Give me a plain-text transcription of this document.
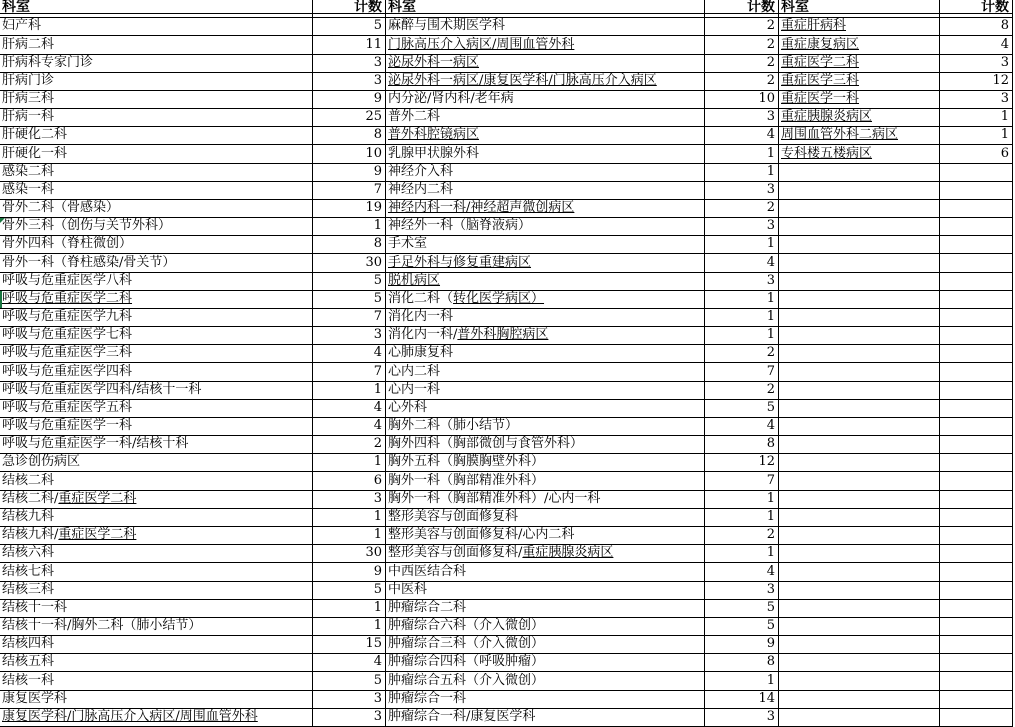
科室	计数 科室	计数 科室	计数
妇产科	5 麻醉与围术期医学科	2 重症肝病科	8
肝病二科	11 门脉高压介入病区/周围血管外科	2 重症康复病区	4
肝病科专家门诊	3 泌尿外科一病区	2 重症医学二科	3
肝病门诊	3 泌尿外科一病区/康复医学科/门脉高压介入病区	2 重症医学三科	12
肝病三科	9 内分泌/肾内科/老年病	10 重症医学一科	3
肝病一科	25 普外二科	3 重症胰腺炎病区	1
肝硬化二科	8 普外科腔镜病区	4 周围血管外科二病区	1
肝硬化一科	10 乳腺甲状腺外科	1 专科楼五楼病区	6
感染二科	9 神经介入科	1
感染一科	7 神经内二科	3
骨外二科（骨感染）	19 神经内科一科/神经超声微创病区	2
骨外三科（创伤与关节外科）	1 神经外一科（脑脊液病）	3
骨外四科（脊柱微创）	8 手术室	1
骨外一科（脊柱感染/骨关节）	30 手足外科与修复重建病区	4
呼吸与危重症医学八科	5 脱机病区	3
呼吸与危重症医学二科	5 消化二科（转化医学病区）	1
呼吸与危重症医学九科	7 消化内一科	1
呼吸与危重症医学七科	3 消化内一科/普外科胸腔病区	1
呼吸与危重症医学三科	4 心肺康复科	2
呼吸与危重症医学四科	7 心内二科	7
呼吸与危重症医学四科/结核十一科	1 心内一科	2
呼吸与危重症医学五科	4 心外科	5
呼吸与危重症医学一科	4 胸外二科（肺小结节）	4
呼吸与危重症医学一科/结核十科	2 胸外四科（胸部微创与食管外科）	8
急诊创伤病区	1 胸外五科（胸膜胸壁外科）	12
结核二科	6 胸外一科（胸部精准外科）	7
结核二科/重症医学二科	3 胸外一科（胸部精准外科）/心内一科	1
结核九科	1 整形美容与创面修复科	1
结核九科/重症医学二科	1 整形美容与创面修复科/心内二科	2
结核六科	30 整形美容与创面修复科/重症胰腺炎病区	1
结核七科	9 中西医结合科	4
结核三科	5 中医科	3
结核十一科	1 肿瘤综合二科	5
结核十一科/胸外二科（肺小结节）	1 肿瘤综合六科（介入微创）	5
结核四科	15 肿瘤综合三科（介入微创）	9
结核五科	4 肿瘤综合四科（呼吸肿瘤）	8
结核一科	5 肿瘤综合五科（介入微创）	1
康复医学科	3 肿瘤综合一科	14
康复医学科/门脉高压介入病区/周围血管外科	3 肿瘤综合一科/康复医学科	3
